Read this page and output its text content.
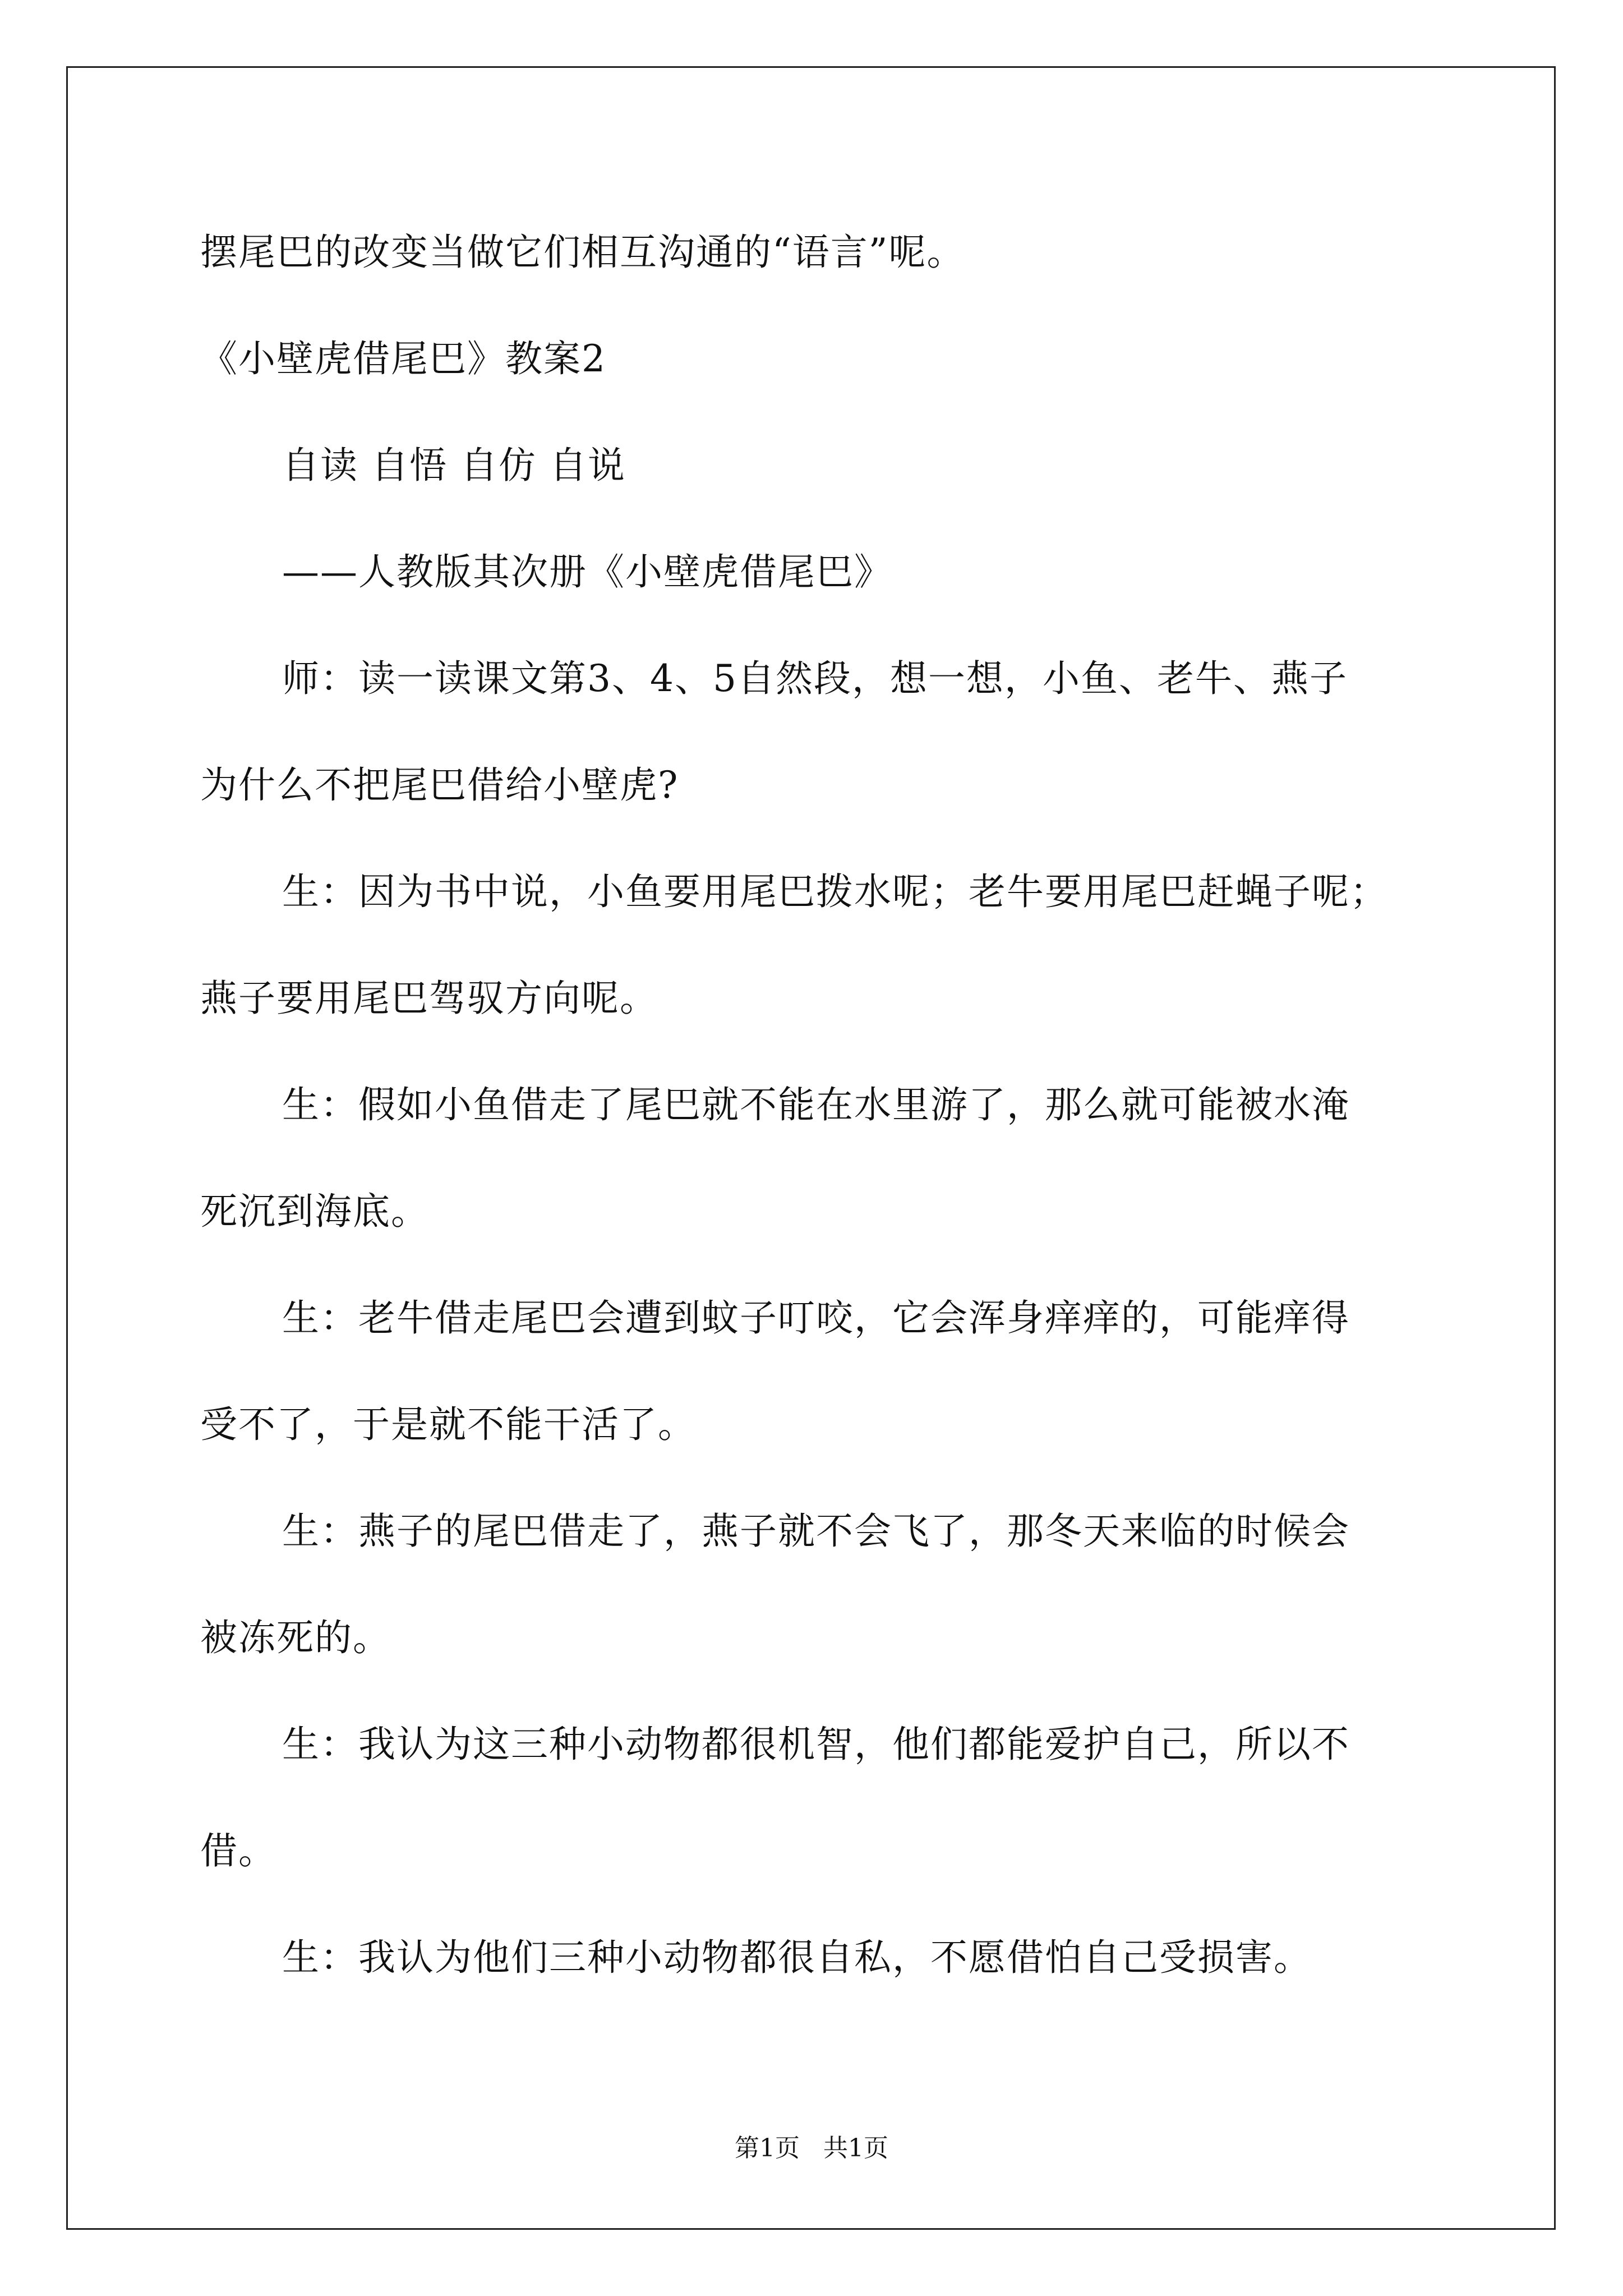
摆尾巴的改变当做它们相互沟通的“语言”呢。
《小壁虎借尾巴》教案2
自读 自悟 自仿 自说
——人教版其次册《小壁虎借尾巴》
师：读一读课文第3、4、5自然段，想一想，小鱼、老牛、燕子
为什么不把尾巴借给小壁虎?
生：因为书中说，小鱼要用尾巴拨水呢；老牛要用尾巴赶蝇子呢；
燕子要用尾巴驾驭方向呢。
生：假如小鱼借走了尾巴就不能在水里游了，那么就可能被水淹
死沉到海底。
生：老牛借走尾巴会遭到蚊子叮咬，它会浑身痒痒的，可能痒得
受不了，于是就不能干活了。
生：燕子的尾巴借走了，燕子就不会飞了，那冬天来临的时候会
被冻死的。
生：我认为这三种小动物都很机智，他们都能爱护自己，所以不
借。
生：我认为他们三种小动物都很自私，不愿借怕自己受损害。
第1页 共1页
